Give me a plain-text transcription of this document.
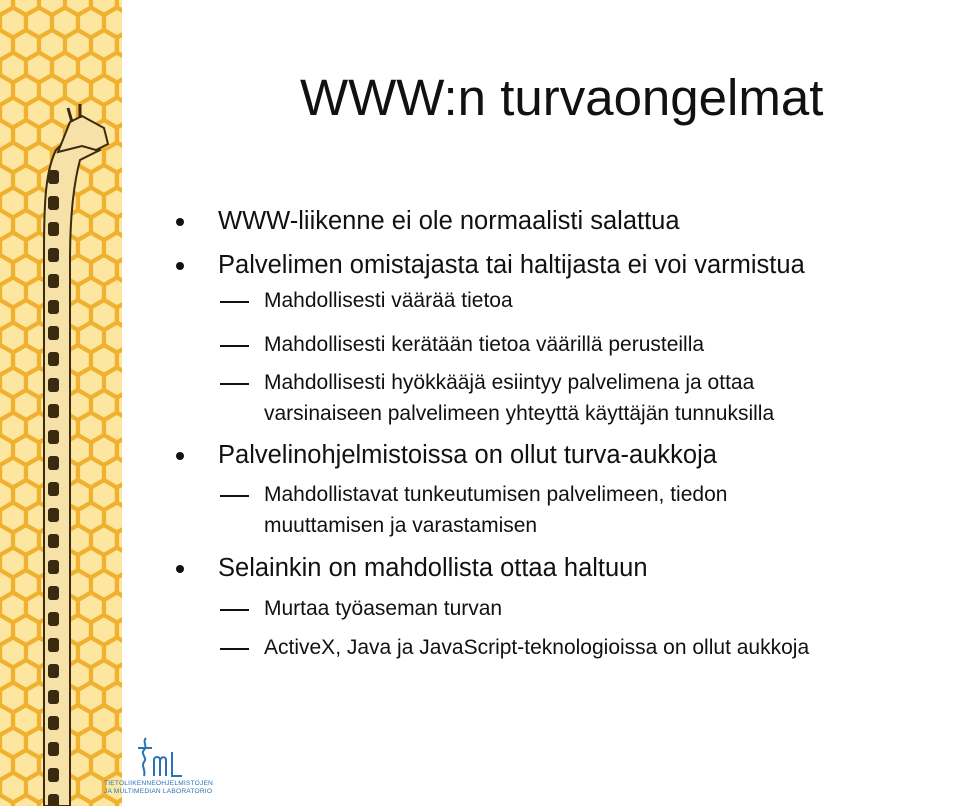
WWW:n turvaongelmat
WWW-liikenne ei ole normaalisti salattua
Palvelimen omistajasta tai haltijasta ei voi varmistua
Mahdollisesti väärää tietoa
Mahdollisesti kerätään tietoa väärillä perusteilla
Mahdollisesti hyökkääjä esiintyy palvelimena ja ottaa
varsinaiseen palvelimeen yhteyttä käyttäjän tunnuksilla
Palvelinohjelmistoissa on ollut turva-aukkoja
Mahdollistavat tunkeutumisen palvelimeen, tiedon
muuttamisen ja varastamisen
Selainkin on mahdollista ottaa haltuun
Murtaa työaseman turvan
ActiveX, Java ja JavaScript-teknologioissa on ollut aukkoja
TIETOLIIKENNEOHJELMISTOJEN
JA MULTIMEDIAN LABORATORIO
